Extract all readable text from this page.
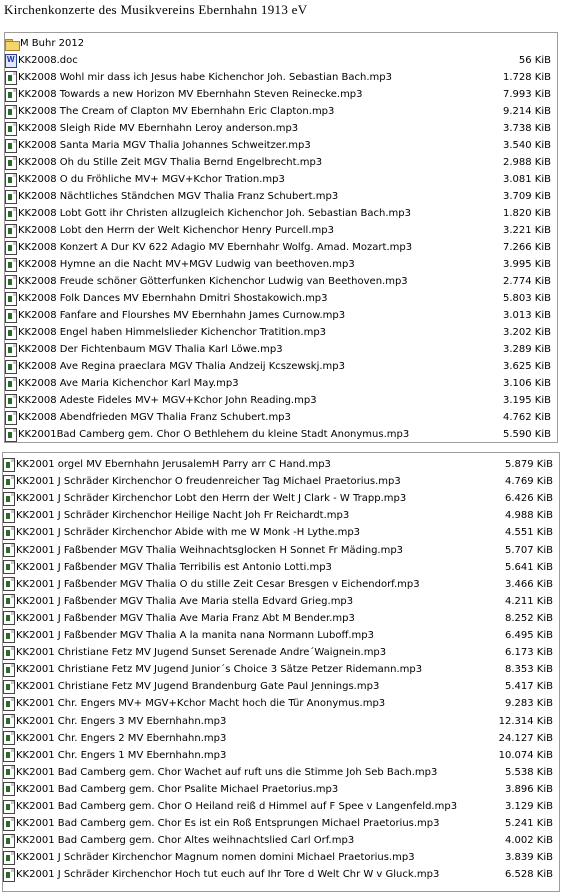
Kirchenkonzerte des Musikvereins Ebernhahn 1913 eV
M Buhr 2012
W
KK2008.doc	56 KiB
KK2008 Wohl mir dass ich Jesus habe Kichenchor Joh. Sebastian Bach.mp3	1.728 KiB
KK2008 Towards a new Horizon MV Ebernhahn Steven Reinecke.mp3	7.993 KiB
KK2008 The Cream of Clapton MV Ebernhahn Eric Clapton.mp3	9.214 KiB
KK2008 Sleigh Ride MV Ebernhahn Leroy anderson.mp3	3.738 KiB
KK2008 Santa Maria MGV Thalia Johannes Schweitzer.mp3	3.540 KiB
KK2008 Oh du Stille Zeit MGV Thalia Bernd Engelbrecht.mp3	2.988 KiB
KK2008 O du Fröhliche MV+ MGV+Kchor Tration.mp3	3.081 KiB
KK2008 Nächtliches Ständchen MGV Thalia Franz Schubert.mp3	3.709 KiB
KK2008 Lobt Gott ihr Christen allzugleich Kichenchor Joh. Sebastian Bach.mp3	1.820 KiB
KK2008 Lobt den Herrn der Welt Kichenchor Henry Purcell.mp3	3.221 KiB
KK2008 Konzert A Dur KV 622 Adagio MV Ebernhahr Wolfg. Amad. Mozart.mp3	7.266 KiB
KK2008 Hymne an die Nacht MV+MGV Ludwig van beethoven.mp3	3.995 KiB
KK2008 Freude schöner Götterfunken Kichenchor Ludwig van Beethoven.mp3	2.774 KiB
KK2008 Folk Dances MV Ebernhahn Dmitri Shostakowich.mp3	5.803 KiB
KK2008 Fanfare and Flourshes MV Ebernhahn James Curnow.mp3	3.013 KiB
KK2008 Engel haben Himmelslieder Kichenchor Tratition.mp3	3.202 KiB
KK2008 Der Fichtenbaum MGV Thalia Karl Löwe.mp3	3.289 KiB
KK2008 Ave Regina praeclara MGV Thalia Andzeij Kcszewskj.mp3	3.625 KiB
KK2008 Ave Maria Kichenchor Karl May.mp3	3.106 KiB
KK2008 Adeste Fideles MV+ MGV+Kchor John Reading.mp3	3.195 KiB
KK2008 Abendfrieden MGV Thalia Franz Schubert.mp3	4.762 KiB
KK2001Bad Camberg gem. Chor O Bethlehem du kleine Stadt Anonymus.mp3	5.590 KiB
KK2001 orgel MV Ebernhahn JerusalemH Parry arr C Hand.mp3	5.879 KiB
KK2001 J Schräder Kirchenchor O freudenreicher Tag Michael Praetorius.mp3	4.769 KiB
KK2001 J Schräder Kirchenchor Lobt den Herrn der Welt J Clark - W Trapp.mp3	6.426 KiB
KK2001 J Schräder Kirchenchor Heilige Nacht Joh Fr Reichardt.mp3	4.988 KiB
KK2001 J Schräder Kirchenchor Abide with me W Monk -H Lythe.mp3	4.551 KiB
KK2001 J Faßbender MGV Thalia Weihnachtsglocken H Sonnet Fr Mäding.mp3	5.707 KiB
KK2001 J Faßbender MGV Thalia Terribilis est Antonio Lotti.mp3	5.641 KiB
KK2001 J Faßbender MGV Thalia O du stille Zeit Cesar Bresgen v Eichendorf.mp3	3.466 KiB
KK2001 J Faßbender MGV Thalia Ave Maria stella Edvard Grieg.mp3	4.211 KiB
KK2001 J Faßbender MGV Thalia Ave Maria Franz Abt M Bender.mp3	8.252 KiB
KK2001 J Faßbender MGV Thalia A la manita nana Normann Luboff.mp3	6.495 KiB
KK2001 Christiane Fetz MV Jugend Sunset Serenade Andre´Waignein.mp3	6.173 KiB
KK2001 Christiane Fetz MV Jugend Junior´s Choice 3 Sätze Petzer Ridemann.mp3	8.353 KiB
KK2001 Christiane Fetz MV Jugend Brandenburg Gate Paul Jennings.mp3	5.417 KiB
KK2001 Chr. Engers MV+ MGV+Kchor Macht hoch die Tür Anonymus.mp3	9.283 KiB
KK2001 Chr. Engers 3 MV Ebernhahn.mp3	12.314 KiB
KK2001 Chr. Engers 2 MV Ebernhahn.mp3	24.127 KiB
KK2001 Chr. Engers 1 MV Ebernhahn.mp3	10.074 KiB
KK2001 Bad Camberg gem. Chor Wachet auf ruft uns die Stimme Joh Seb Bach.mp3	5.538 KiB
KK2001 Bad Camberg gem. Chor Psalite Michael Praetorius.mp3	3.896 KiB
KK2001 Bad Camberg gem. Chor O Heiland reiß d Himmel auf F Spee v Langenfeld.mp3	3.129 KiB
KK2001 Bad Camberg gem. Chor Es ist ein Roß Entsprungen Michael Praetorius.mp3	5.241 KiB
KK2001 Bad Camberg gem. Chor Altes weihnachtslied Carl Orf.mp3	4.002 KiB
KK2001 J Schräder Kirchenchor Magnum nomen domini Michael Praetorius.mp3	3.839 KiB
KK2001 J Schräder Kirchenchor Hoch tut euch auf Ihr Tore d Welt Chr W v Gluck.mp3	6.528 KiB
